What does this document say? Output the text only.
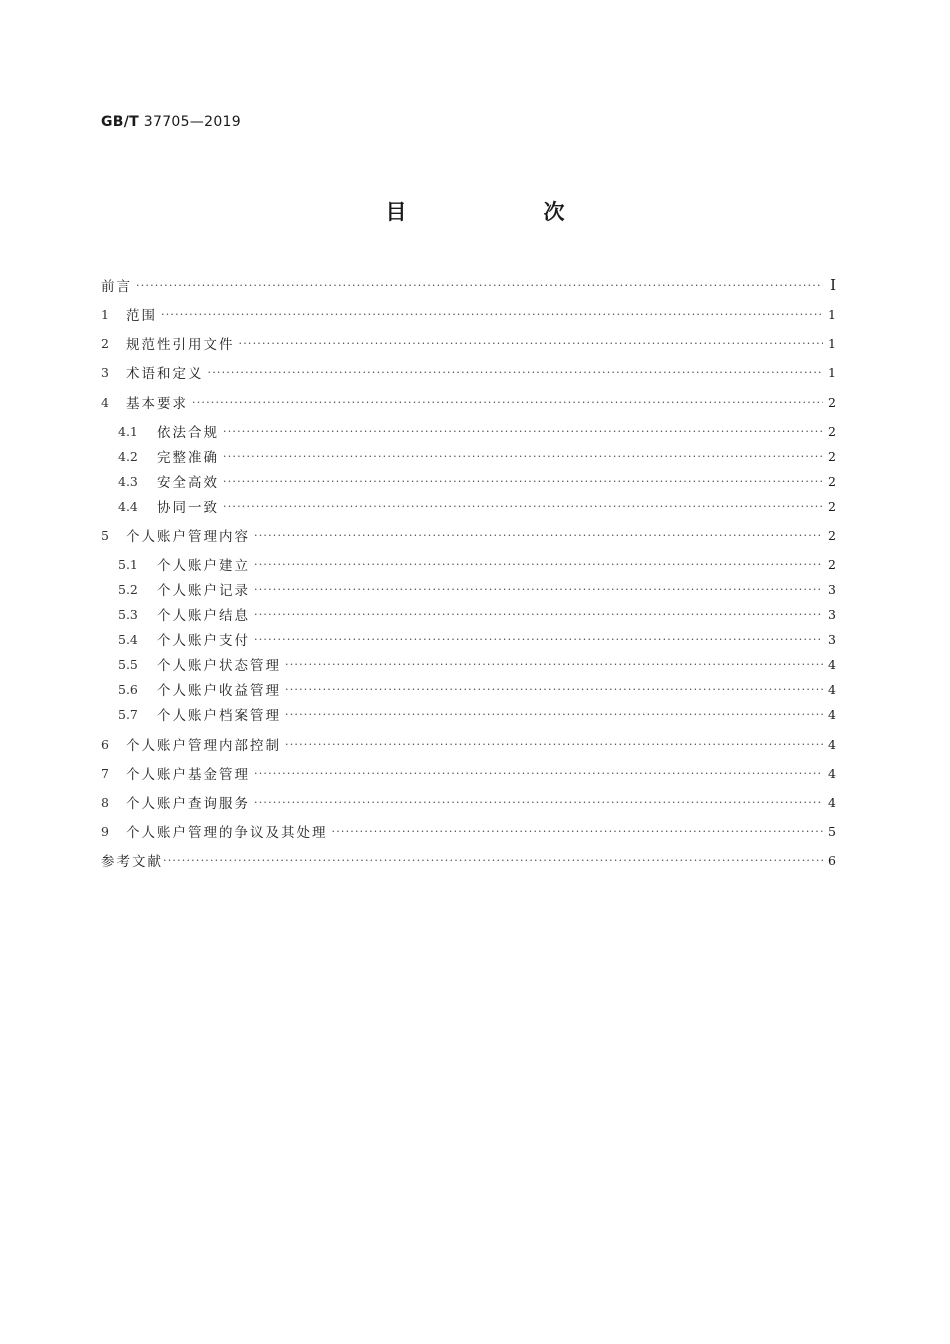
GB/T 37705—2019
目　次
前言 ·····	Ⅰ
1	范围 ·····	1
2	规范性引用文件 ·····	1
3	术语和定义 ·····	1
4	基本要求 ·····	2
4.1	依法合规 ·····	2
4.2	完整准确 ·····	2
4.3	安全高效 ·····	2
4.4	协同一致 ·····	2
5	个人账户管理内容 ·····	2
5.1	个人账户建立 ·····	2
5.2	个人账户记录 ·····	3
5.3	个人账户结息 ·····	3
5.4	个人账户支付 ·····	3
5.5	个人账户状态管理 ·····	4
5.6	个人账户收益管理 ·····	4
5.7	个人账户档案管理 ·····	4
6	个人账户管理内部控制 ·····	4
7	个人账户基金管理 ·····	4
8	个人账户查询服务 ·····	4
9	个人账户管理的争议及其处理 ·····	5
参考文献 ·····	6
